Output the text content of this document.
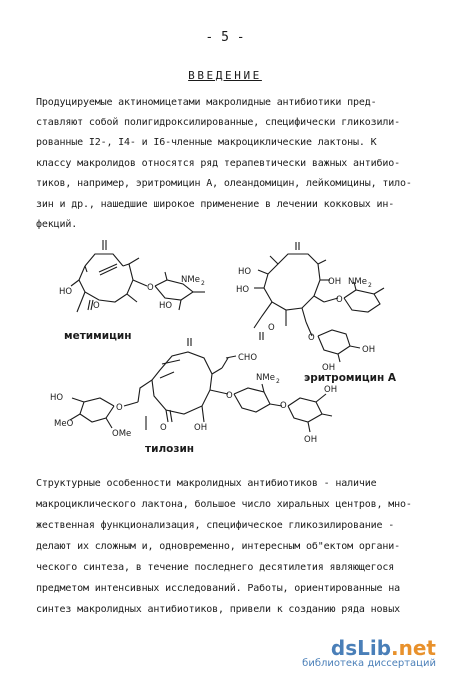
- 5 -
ВВЕДЕНИЕ
Продуцируемые актиномицетами макролидные антибиотики пред-
ставляют собой полигидроксилированные, специфически гликозили-
рованные I2-, I4- и I6-членные макроциклические лактоны. К
классу макролидов относятся ряд терапевтически важных антибио-
тиков, например, эритромицин А, олеандомицин, лейкомицины, тило-
зин и др., нашедшие широкое применение в лечении кокковых ин-
фекций.
HO
O
O
NMe 2
HO
метимицин
HO
HO
O
OH
O
NMe 2
O
OH
OH
эритромицин А
CHO
HO
MeO
OMe
O
O	OH
O
NMe 2
O
OH
OH
тилозин
Структурные особенности макролидных антибиотиков - наличие
макроциклического лактона, большое число хиральных центров, мно-
жественная функционализация, специфическое гликозилирование -
делают их сложным и, одновременно, интересным об"ектом органи-
ческого синтеза, в течение последнего десятилетия являющегося
предметом интенсивных исследований. Работы, ориентированные на
синтез макролидных антибиотиков, привели к созданию ряда новых
dsLib.net
библиотека диссертаций
